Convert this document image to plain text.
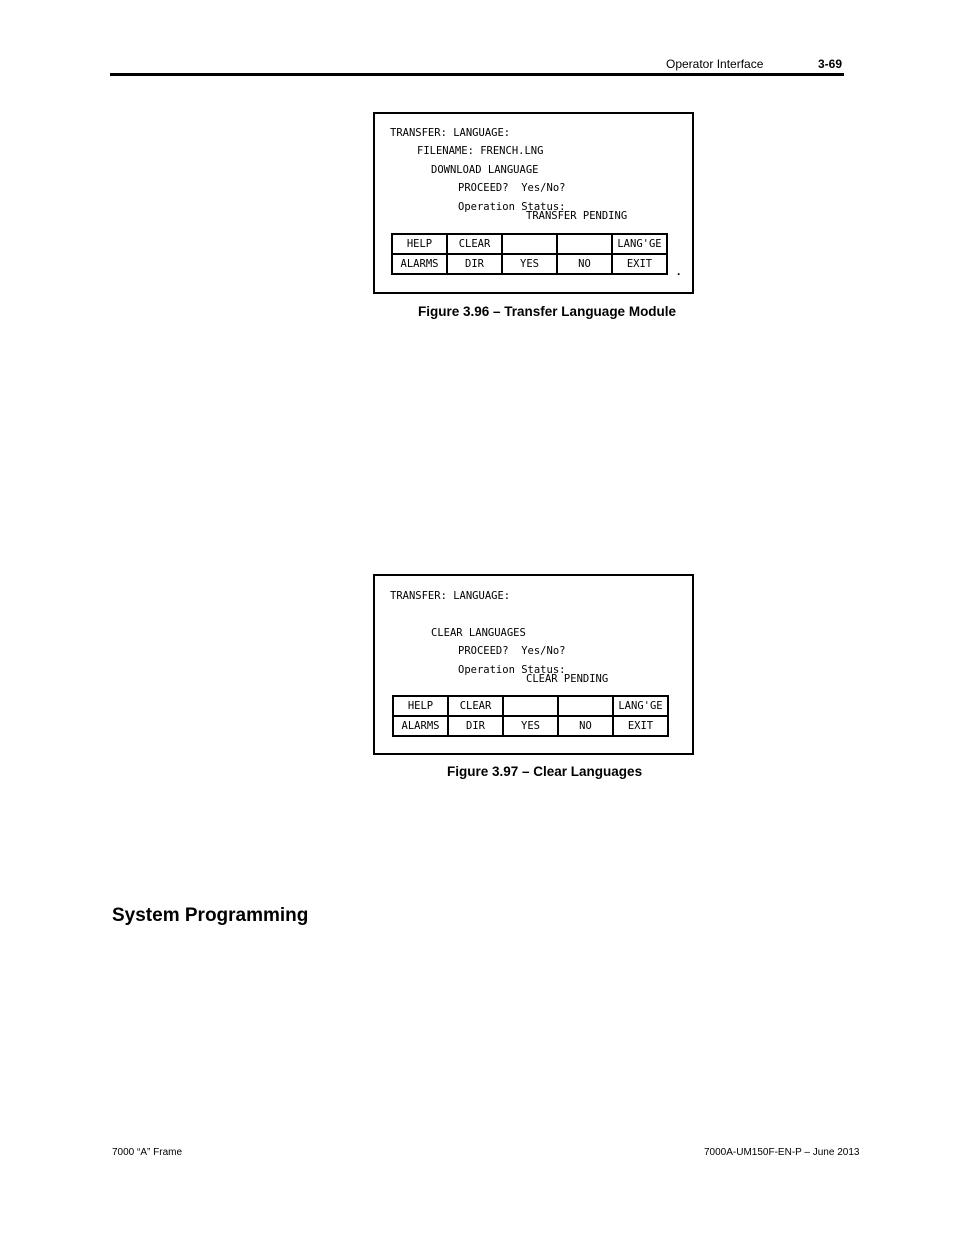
Operator Interface	3-69
TRANSFER: LANGUAGE:
FILENAME: FRENCH.LNG
DOWNLOAD LANGUAGE
PROCEED?  Yes/No?
Operation Status:
TRANSFER PENDING
HELP	CLEAR			LANG'GE
ALARMS	DIR	YES	NO	EXIT .
Figure 3.96 – Transfer Language Module
TRANSFER: LANGUAGE:
CLEAR LANGUAGES
PROCEED?  Yes/No?
Operation Status:
CLEAR PENDING
HELP	CLEAR			LANG'GE
ALARMS	DIR	YES	NO	EXIT
Figure 3.97 – Clear Languages
System Programming
7000 “A” Frame	7000A-UM150F-EN-P – June 2013
